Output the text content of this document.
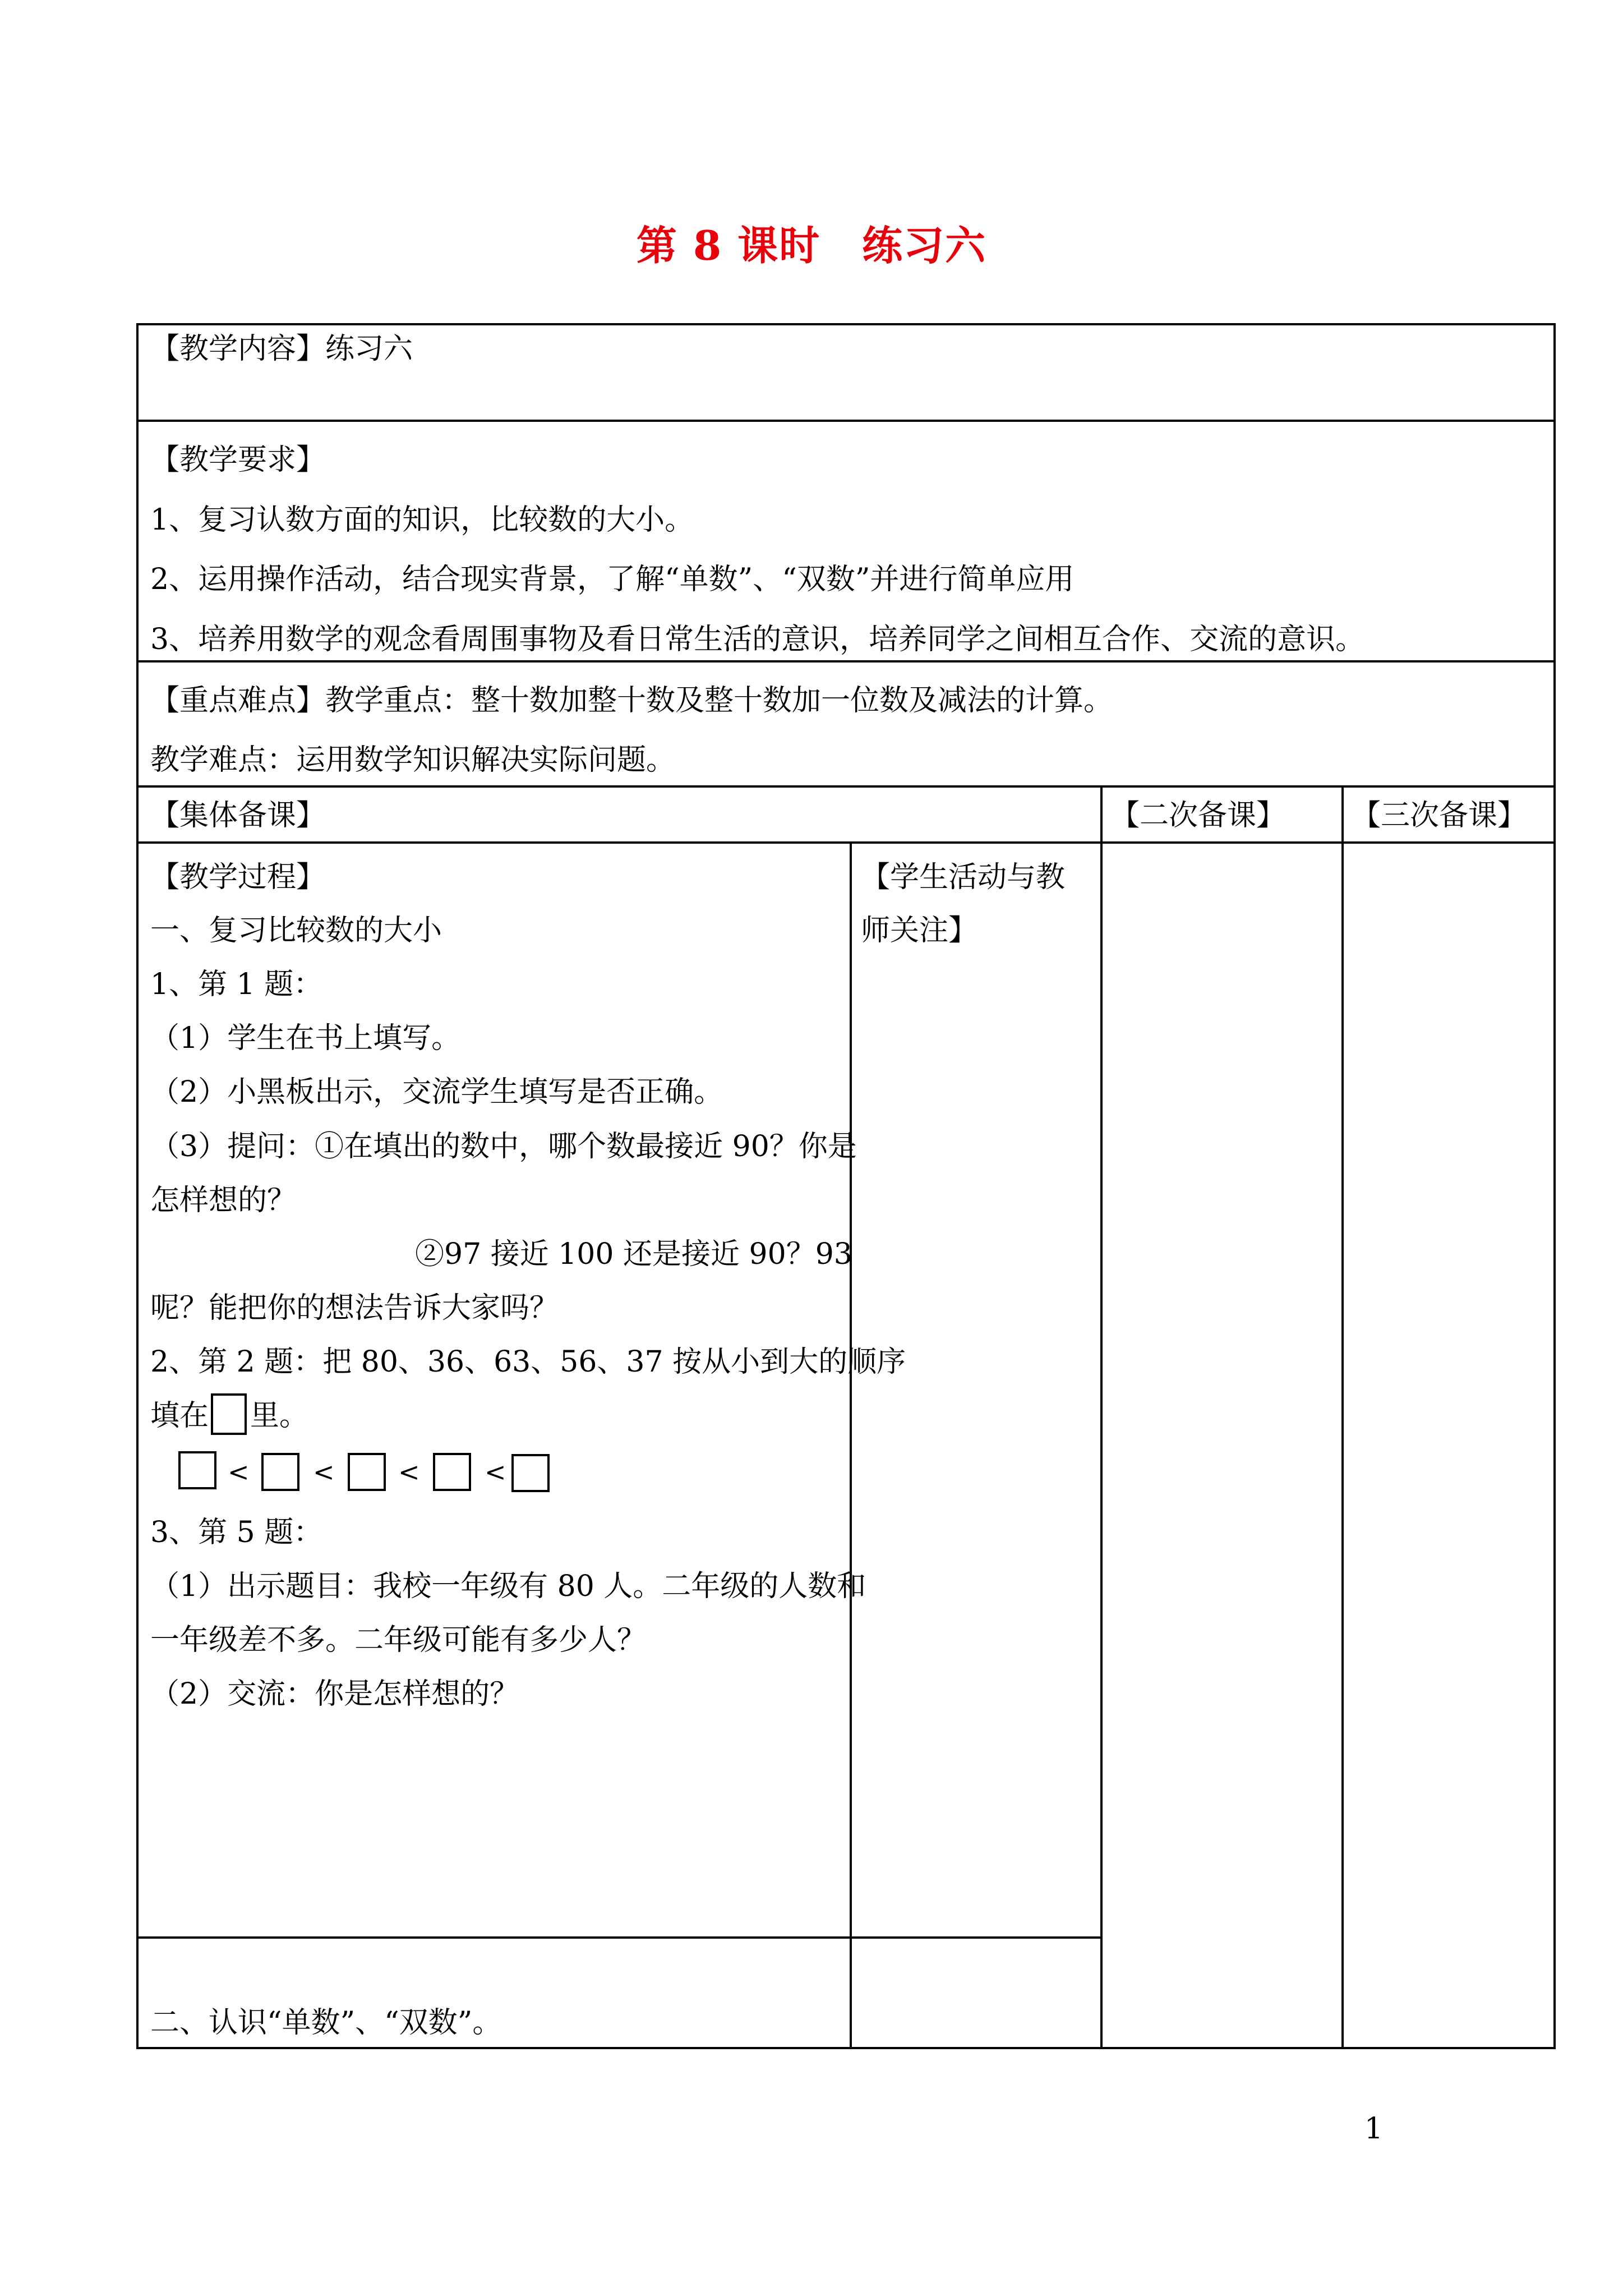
第 8 课时　练习六
【教学内容】练习六
【教学要求】
1、复习认数方面的知识，比较数的大小。
2、运用操作活动，结合现实背景，了解“单数”、“双数”并进行简单应用
3、培养用数学的观念看周围事物及看日常生活的意识，培养同学之间相互合作、交流的意识。
【重点难点】教学重点：整十数加整十数及整十数加一位数及减法的计算。
教学难点：运用数学知识解决实际问题。
【集体备课】	【二次备课】 【三次备课】
【学生活动与教
师关注】
【教学过程】
一、复习比较数的大小
1、第 1 题：
（1）学生在书上填写。
（2）小黑板出示，交流学生填写是否正确。
（3）提问：①在填出的数中，哪个数最接近 90？你是
怎样想的？
②97 接近 100 还是接近 90？93
呢？能把你的想法告诉大家吗？
2、第 2 题：把 80、36、63、56、37 按从小到大的顺序
填在 里。
< < <	<
3、第 5 题：
（1）出示题目：我校一年级有 80 人。二年级的人数和
一年级差不多。二年级可能有多少人？
（2）交流：你是怎样想的？
二、认识“单数”、“双数”。
1
